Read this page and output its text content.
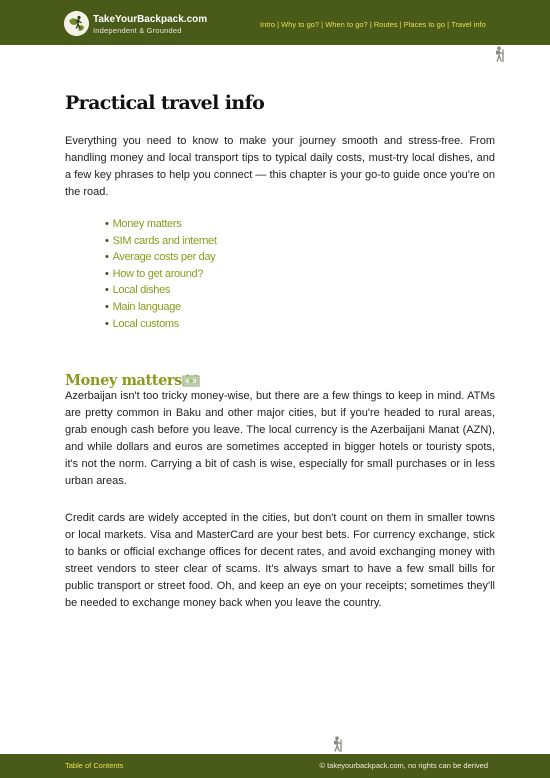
TakeYourBackpack.com
Independent & Grounded
Intro | Why to go? | When to go? | Routes | Places to go | Travel info
Practical travel info

Everything you need to know to make your journey smooth and stress-free. From handling money and local transport tips to typical daily costs, must-try local dishes, and a few key phrases to help you connect — this chapter is your go-to guide once you're on the road.

• Money matters
• SIM cards and internet
• Average costs per day
• How to get around?
• Local dishes
• Main language
• Local customs
Money matters

Azerbaijan isn't too tricky money-wise, but there are a few things to keep in mind. ATMs are pretty common in Baku and other major cities, but if you're headed to rural areas, grab enough cash before you leave. The local currency is the Azerbaijani Manat (AZN), and while dollars and euros are sometimes accepted in bigger hotels or touristy spots, it's not the norm. Carrying a bit of cash is wise, especially for small purchases or in less urban areas.

Credit cards are widely accepted in the cities, but don't count on them in smaller towns or local markets. Visa and MasterCard are your best bets. For currency exchange, stick to banks or official exchange offices for decent rates, and avoid exchanging money with street vendors to steer clear of scams. It's always smart to have a few small bills for public transport or street food. Oh, and keep an eye on your receipts; sometimes they'll be needed to exchange money back when you leave the country.

Table of Contents	© takeyourbackpack.com, no rights can be derived
